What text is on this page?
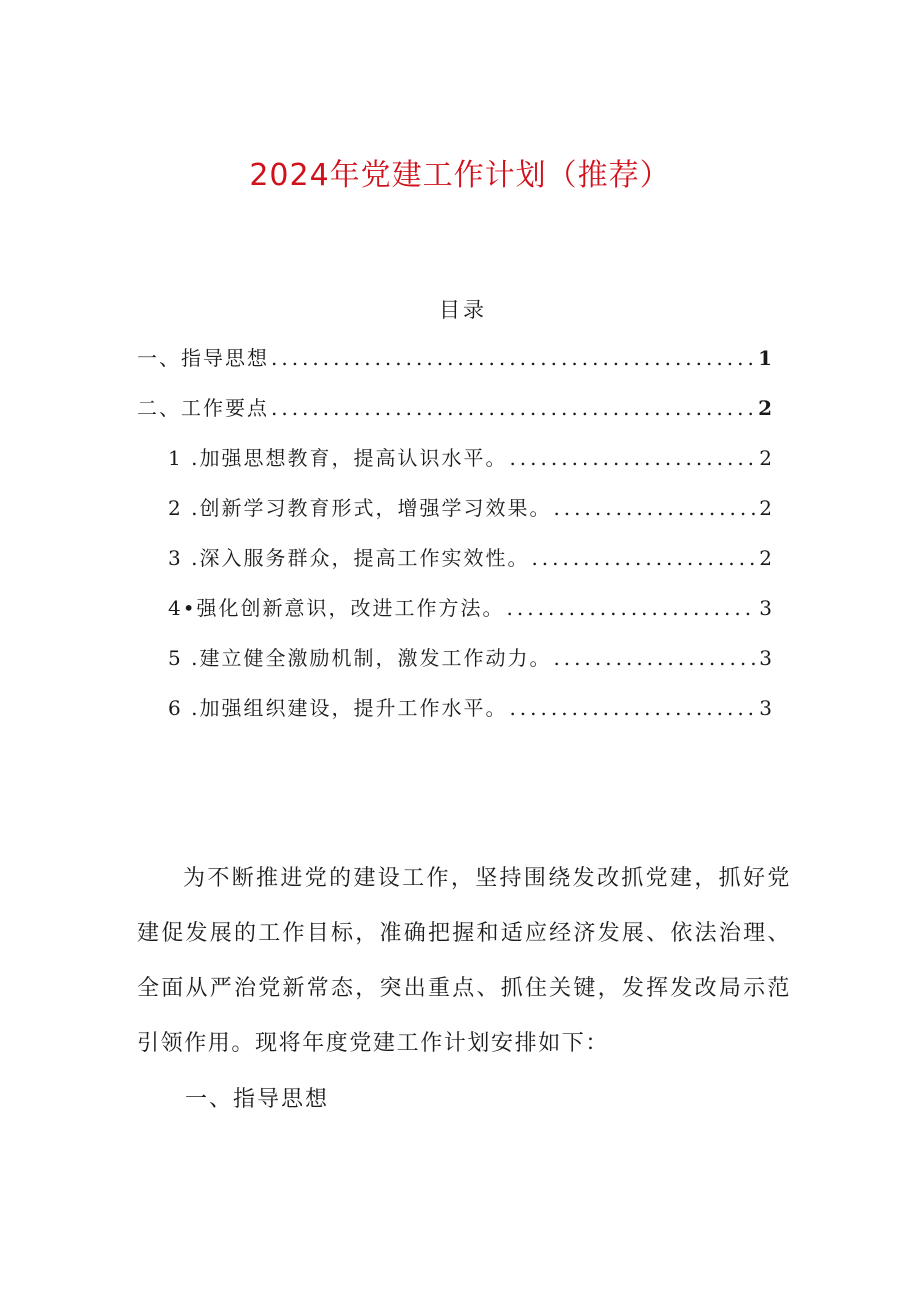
2024年党建工作计划（推荐）
目录
一、指导思想 .....	1
二、工作要点 .....	2
1 .加强思想教育，提高认识水平。 .....	2
2 .创新学习教育形式，增强学习效果。 .....	2
3 .深入服务群众，提高工作实效性。 .....	2
4•强化创新意识，改进工作方法。 .....	3
5 .建立健全激励机制，激发工作动力。 .....	3
6 .加强组织建设，提升工作水平。 .....	3

为不断推进党的建设工作，坚持围绕发改抓党建，抓好党建促发展的工作目标，准确把握和适应经济发展、依法治理、全面从严治党新常态，突出重点、抓住关键，发挥发改局示范引领作用。现将年度党建工作计划安排如下：

一、指导思想
